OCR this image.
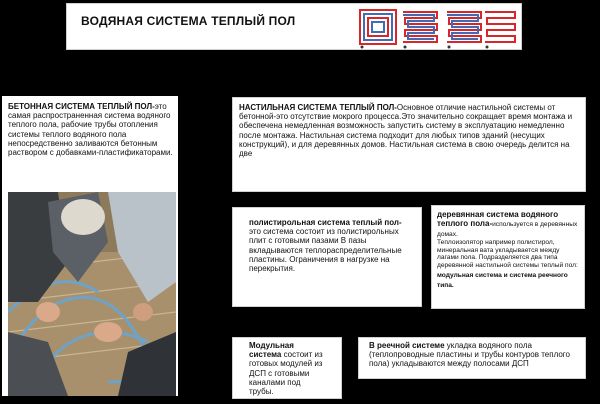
ВОДЯНАЯ СИСТЕМА ТЕПЛЫЙ ПОЛ
БЕТОННАЯ СИСТЕМА ТЕПЛЫЙ ПОЛ-это самая распространенная система водяного теплого пола, рабочие трубы отопления системы теплого водяного пола непосредственно заливаются бетонным раствором с добавками-пластификаторами.
НАСТИЛЬНАЯ СИСТЕМА ТЕПЛЫЙ ПОЛ-Основное отличие настильной системы от бетонной-это отсутствие мокрого процесса.Это значительно сокращает время монтажа и обеспечена немедленная возможность запустить систему в эксплуатацию немедленно после монтажа. Настильная система подходит для любых типов зданий (несущих конструкций), и для деревянных домов. Настильная система в свою очередь делится на две
полистирольная система теплый пол- это система состоит из полистирольных плит с готовыми пазами В пазы вкладываются теплораспределительные пластины. Ограничения в нагрузке на перекрытия.
деревянная система водяного теплого пола-используется в деревянных домах.
Теплоизолятор например полистирол, минеральная вата укладывается между лагами пола. Подразделяется два типа деревянной настильной системы теплый пол:
модульная система и система реечного типа.
Модульная система состоит из готовых модулей из ДСП с готовыми каналами под трубы.
В реечной системе укладка водяного пола (теплопроводные пластины и трубы контуров теплого пола) укладываются между полосами ДСП
